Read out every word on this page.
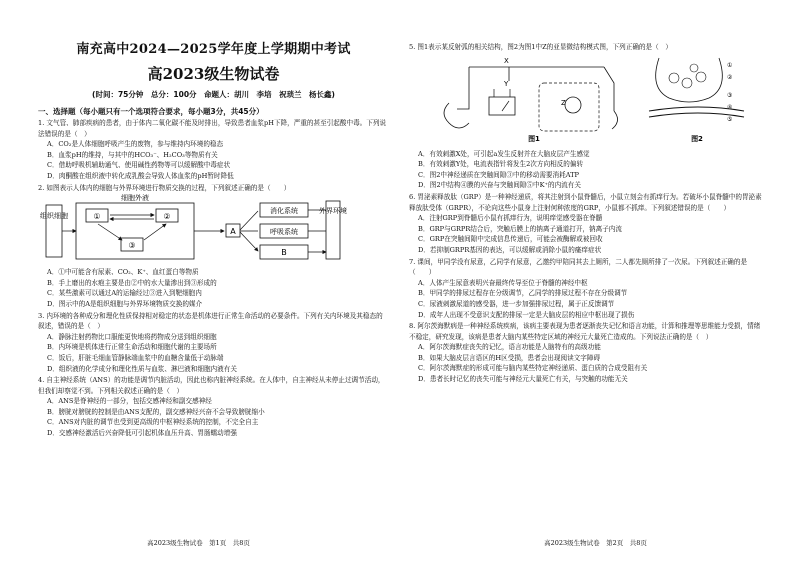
南充高中2024—2025学年度上学期期中考试
高2023级生物试卷
(时间：75分钟　总分：100分　命题人：胡川　李培　祝琐兰　杨长鑫)
一、选择题（每小题只有一个选项符合要求，每小题3分，共45分）
1. 文气管、肺部疾病的患者，由于体内二氧化碳不能及时排出，导致患者血浆pH下降，严重的甚至引起酸中毒。下列说法错误的是（　）
A．CO₂是人体细胞呼吸产生的废物，参与维持内环境的稳态
B．血浆pH的维持，与其中的HCO₃⁻、H₂CO₃等物质有关
C．借助呼吸机辅助通气、使用碱性药物等可以缓解酸中毒症状
D．肉酮酸在组织液中转化成乳酸会导致人体血浆的pH暂时降低
2. 如图表示人体内的细胞与外界环境进行物质交换的过程，下列叙述正确的是（　　）
组织细胞
细胞外液
①	②
③
A
消化系统
呼吸系统
B
外界环境
A．①中可能含有尿素、CO₂、K⁺、血红蛋白等物质
B．手上磨出的水疱主要是由②中的水大量渗出到③形成的
C．某些激素可以通过A的运输经过③进入到靶细胞内
D．图示中的A是组织细胞与外界环境物质交换的媒介
3. 内环境的各种成分和理化性质保持相对稳定的状态是机体进行正常生命活动的必要条件。下列有关内环境及其稳态的叙述，错误的是（　）
A．静脉注射药物比口服能更快地将药物成分送到组织细胞
B．内环境是机体进行正常生命活动和细胞代谢的主要场所
C．饭后，肝脏毛细血管静脉端血浆中的血糖含量低于动脉端
D．组织液的化学成分和理化性质与血浆、淋巴液和细胞内液有关
4. 自主神经系统（ANS）的功能是调节内脏活动，因此也称内脏神经系统。在人体中，自主神经从未停止过调节活动，但我们却察觉不到。下列相关叙述正确的是（　）
A．ANS是脊神经的一部分，包括交感神经和副交感神经
B．膀胱对膀胱的控制是由ANS支配的，副交感神经兴奋不会导致膀胱缩小
C．ANS对内脏的调节也受到更高级的中枢神经系统的控制，不完全自主
D．交感神经激活后兴奋降低可引起机体血压升高、胃肠蠕动增强
高2023级生物试卷　第1页　共8页
5. 图1表示某反射弧的相关结构，图2为图1中Z的亚显微结构模式图，下列正确的是（　）
X
Y
Z
图1
①
②
③
④
⑤
图2
A．有效刺激X处，可引起a发生反射并在大脑皮层产生感觉
B．有效刺激Y处，电流表指针将发生2次方向相反的偏转
C．图2中神经递质在突触间隙③中的移动需要消耗ATP
D．图2中结构④膜的兴奋与突触间隙⑤中K⁺的内流有关
6. 胃泌素释放肽（GRP）是一种神经递质，将其注射到小鼠脊髓后，小鼠立刻会有抓痒行为。若破坏小鼠脊髓中的胃泌素释放肽受体（GRPR），不论向这些小鼠身上注射何种浓度的GRP，小鼠都不抓痒。下列叙述错误的是（　　）
A．注射GRP到脊髓后小鼠有抓痒行为，说明痒觉感受器在脊髓
B．GRP与GRPR结合后，突触后膜上的钠离子通道打开，钠离子内流
C．GRP在突触间隙中完成信息传递后，可能会被酶解或被回收
D．若抑制GRPR基因的表达，可以缓解或消除小鼠的瘙痒症状
7. 课间，甲同学没有尿意，乙同学有尿意，乙邀约甲陪同其去上厕所，二人都先厕所排了一次尿。下列叙述正确的是（　　）
A．人体产生尿意表明兴奋最终传导至位于脊髓的神经中枢
B．甲同学的排尿过程存在分级调节，乙同学的排尿过程不存在分级调节
C．尿液刺激尿道的感受器，进一步加强排尿过程，属于正反馈调节
D．成年人出现不受意识支配的排尿一定是大脑皮层的相应中枢出现了损伤
8. 阿尔茨海默病是一种神经系统疾病，该病主要表现为患者逐渐丧失记忆和语言功能，计算和推理等思维能力受损，情绪不稳定，研究发现，该病是患者大脑内某些特定区域的神经元大量死亡造成的。下列说法正确的是（　）
A．阿尔茨海默症丧失的记忆，语言功能是人脑特有的高级功能
B．如果大脑皮层言语区的H区受损，患者会出现阅读文字障碍
C．阿尔茨海默症的形成可能与脑内某些特定神经递质、蛋白质的合成受阻有关
D．患者长时记忆的丧失可能与神经元大量死亡有关，与突触的功能无关
高2023级生物试卷　第2页　共8页
